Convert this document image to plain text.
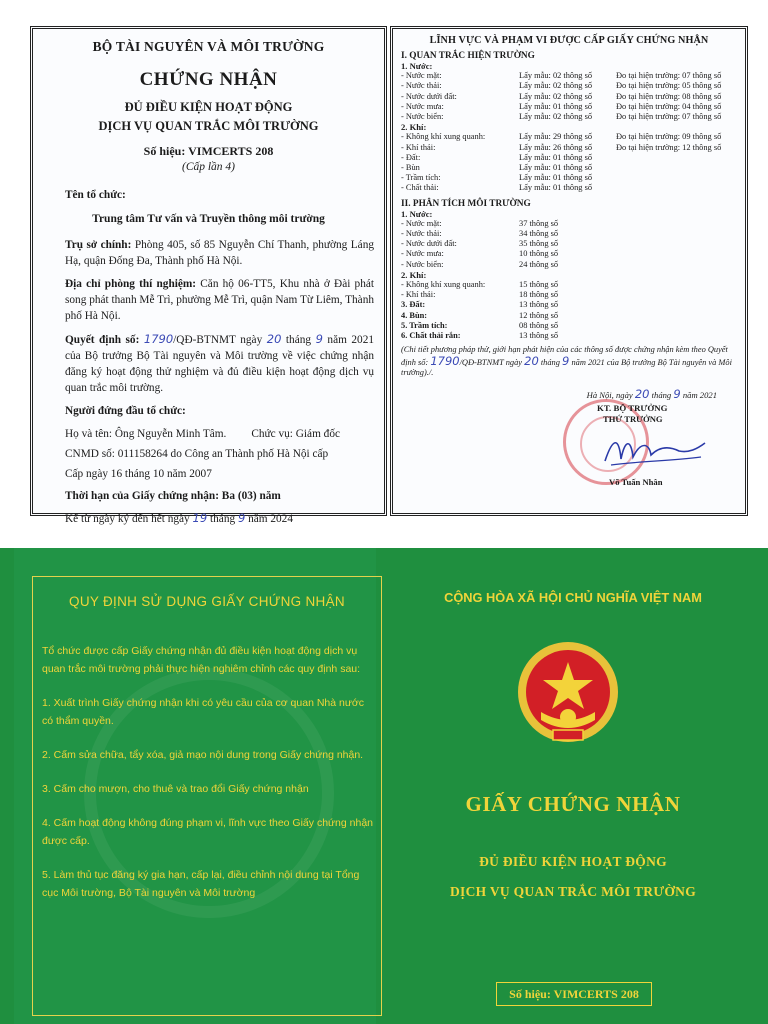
BỘ TÀI NGUYÊN VÀ MÔI TRƯỜNG
CHỨNG NHẬN
ĐỦ ĐIỀU KIỆN HOẠT ĐỘNG
DỊCH VỤ QUAN TRẮC MÔI TRƯỜNG
Số hiệu: VIMCERTS 208
(Cấp lần 4)
Tên tổ chức:
Trung tâm Tư vấn và Truyền thông môi trường
Trụ sở chính: Phòng 405, số 85 Nguyễn Chí Thanh, phường Láng Hạ, quận Đống Đa, Thành phố Hà Nội.
Địa chỉ phòng thí nghiệm: Căn hộ 06-TT5, Khu nhà ở Đài phát song phát thanh Mễ Trì, phường Mễ Trì, quận Nam Từ Liêm, Thành phố Hà Nội.
Quyết định số: 1790/QĐ-BTNMT ngày 20 tháng 9 năm 2021 của Bộ trưởng Bộ Tài nguyên và Môi trường về việc chứng nhận đăng ký hoạt động thử nghiệm và đủ điều kiện hoạt động dịch vụ quan trắc môi trường.
Người đứng đầu tổ chức:
Họ và tên: Ông Nguyễn Minh Tâm. Chức vụ: Giám đốc
CNMD số: 011158264 do Công an Thành phố Hà Nội cấp
Cấp ngày 16 tháng 10 năm 2007
Thời hạn của Giấy chứng nhận: Ba (03) năm
Kể từ ngày ký đến hết ngày 19 tháng 9 năm 2024
LĨNH VỰC VÀ PHẠM VI ĐƯỢC CẤP GIẤY CHỨNG NHẬN
I. QUAN TRẮC HIỆN TRƯỜNG
1. Nước:
- Nước mặt:	Lấy mẫu: 02 thông số	Đo tại hiện trường: 07 thông số
- Nước thải:	Lấy mẫu: 02 thông số	Đo tại hiện trường: 05 thông số
- Nước dưới đất:	Lấy mẫu: 02 thông số	Đo tại hiện trường: 08 thông số
- Nước mưa:	Lấy mẫu: 01 thông số	Đo tại hiện trường: 04 thông số
- Nước biển:	Lấy mẫu: 02 thông số	Đo tại hiện trường: 07 thông số
2. Khí:
- Không khí xung quanh:	Lấy mẫu: 29 thông số	Đo tại hiện trường: 09 thông số
- Khí thải:	Lấy mẫu: 26 thông số	Đo tại hiện trường: 12 thông số
- Đất:	Lấy mẫu: 01 thông số
- Bùn	Lấy mẫu: 01 thông số
- Trầm tích:	Lấy mẫu: 01 thông số
- Chất thải:	Lấy mẫu: 01 thông số
II. PHÂN TÍCH MÔI TRƯỜNG
1. Nước:
- Nước mặt:	37 thông số
- Nước thải:	34 thông số
- Nước dưới đất:	35 thông số
- Nước mưa:	10 thông số
- Nước biển:	24 thông số
2. Khí:
- Không khí xung quanh:	15 thông số
- Khí thải:	18 thông số
3. Đất:	13 thông số
4. Bùn:	12 thông số
5. Trầm tích:	08 thông số
6. Chất thải rắn:	13 thông số
(Chi tiết phương pháp thử, giới hạn phát hiện của các thông số được chứng nhận kèm theo Quyết định số: 1790/QĐ-BTNMT ngày 20 tháng 9 năm 2021 của Bộ trưởng Bộ Tài nguyên và Môi trường)./.
Hà Nội, ngày 20 tháng 9 năm 2021
KT. BỘ TRƯỞNG
THỨ TRƯỞNG
Võ Tuấn Nhân
QUY ĐỊNH SỬ DỤNG GIẤY CHỨNG NHẬN

Tổ chức được cấp Giấy chứng nhận đủ điều kiện hoạt động dịch vụ quan trắc môi trường phải thực hiện nghiêm chỉnh các quy định sau:

1. Xuất trình Giấy chứng nhận khi có yêu cầu của cơ quan Nhà nước có thẩm quyền.
2. Cấm sửa chữa, tẩy xóa, giả mạo nội dung trong Giấy chứng nhận.
3. Cấm cho mượn, cho thuê và trao đổi Giấy chứng nhận
4. Cấm hoạt động không đúng phạm vi, lĩnh vực theo Giấy chứng nhận được cấp.
5. Làm thủ tục đăng ký gia hạn, cấp lại, điều chỉnh nội dung tại Tổng cục Môi trường, Bộ Tài nguyên và Môi trường
CỘNG HÒA XÃ HỘI CHỦ NGHĨA VIỆT NAM
GIẤY CHỨNG NHẬN
ĐỦ ĐIỀU KIỆN HOẠT ĐỘNG
DỊCH VỤ QUAN TRẮC MÔI TRƯỜNG
Số hiệu: VIMCERTS 208
